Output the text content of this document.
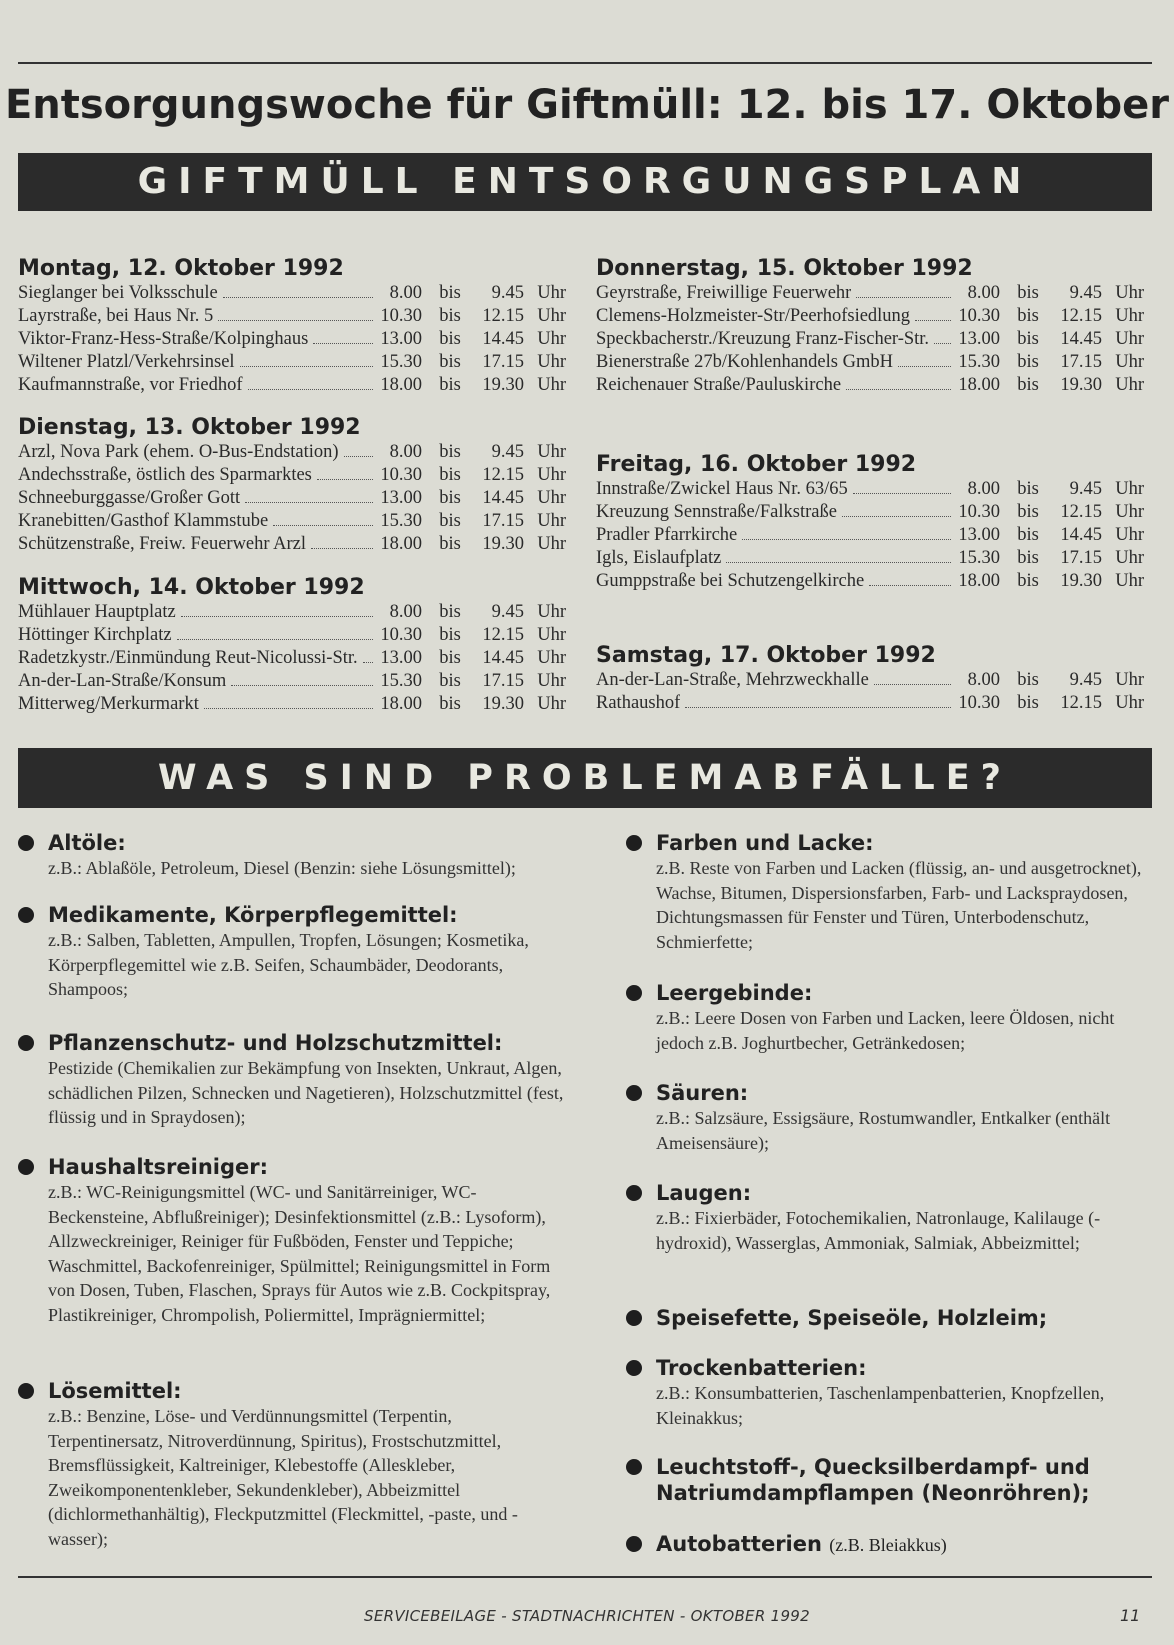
Entsorgungswoche für Giftmüll: 12. bis 17. Oktober
GIFTMÜLL ENTSORGUNGSPLAN
Montag, 12. Oktober 1992
Sieglanger bei Volksschule	8.00 bis	9.45 Uhr
Layrstraße, bei Haus Nr. 5	10.30 bis	12.15 Uhr
Viktor-Franz-Hess-Straße/Kolpinghaus	13.00 bis	14.45 Uhr
Wiltener Platzl/Verkehrsinsel	15.30 bis	17.15 Uhr
Kaufmannstraße, vor Friedhof	18.00 bis	19.30 Uhr
Dienstag, 13. Oktober 1992
Arzl, Nova Park (ehem. O-Bus-Endstation)	8.00 bis	9.45 Uhr
Andechsstraße, östlich des Sparmarktes	10.30 bis	12.15 Uhr
Schneeburggasse/Großer Gott	13.00 bis	14.45 Uhr
Kranebitten/Gasthof Klammstube	15.30 bis	17.15 Uhr
Schützenstraße, Freiw. Feuerwehr Arzl	18.00 bis	19.30 Uhr
Mittwoch, 14. Oktober 1992
Mühlauer Hauptplatz	8.00 bis	9.45 Uhr
Höttinger Kirchplatz	10.30 bis	12.15 Uhr
Radetzkystr./Einmündung Reut-Nicolussi-Str. 13.00 bis	14.45 Uhr
An-der-Lan-Straße/Konsum	15.30 bis	17.15 Uhr
Mitterweg/Merkurmarkt	18.00 bis	19.30 Uhr
Donnerstag, 15. Oktober 1992
Geyrstraße, Freiwillige Feuerwehr	8.00 bis	9.45 Uhr
Clemens-Holzmeister-Str/Peerhofsiedlung	10.30 bis	12.15 Uhr
Speckbacherstr./Kreuzung Franz-Fischer-Str. 13.00 bis	14.45 Uhr
Bienerstraße 27b/Kohlenhandels GmbH	15.30 bis	17.15 Uhr
Reichenauer Straße/Pauluskirche	18.00 bis	19.30 Uhr
Freitag, 16. Oktober 1992
Innstraße/Zwickel Haus Nr. 63/65	8.00 bis	9.45 Uhr
Kreuzung Sennstraße/Falkstraße	10.30 bis	12.15 Uhr
Pradler Pfarrkirche	13.00 bis	14.45 Uhr
Igls, Eislaufplatz	15.30 bis	17.15 Uhr
Gumppstraße bei Schutzengelkirche	18.00 bis	19.30 Uhr
Samstag, 17. Oktober 1992
An-der-Lan-Straße, Mehrzweckhalle	8.00 bis	9.45 Uhr
Rathaushof	10.30 bis	12.15 Uhr
WAS SIND PROBLEMABFÄLLE?
Altöle:
z.B.: Ablaßöle, Petroleum, Diesel (Benzin: siehe Lösungsmittel);
Medikamente, Körperpflegemittel:
z.B.: Salben, Tabletten, Ampullen, Tropfen, Lösungen; Kosmetika, Körperpflegemittel wie z.B. Seifen, Schaumbäder, Deodorants, Shampoos;
Pflanzenschutz- und Holzschutzmittel:
Pestizide (Chemikalien zur Bekämpfung von Insekten, Unkraut, Algen, schädlichen Pilzen, Schnecken und Nagetieren), Holzschutzmittel (fest, flüssig und in Spraydosen);
Haushaltsreiniger:
z.B.: WC-Reinigungsmittel (WC- und Sanitärreiniger, WC-Beckensteine, Abflußreiniger); Desinfektionsmittel (z.B.: Lysoform), Allzweckreiniger, Reiniger für Fußböden, Fenster und Teppiche; Waschmittel, Backofenreiniger, Spülmittel; Reinigungsmittel in Form von Dosen, Tuben, Flaschen, Sprays für Autos wie z.B. Cockpitspray, Plastikreiniger, Chrompolish, Poliermittel, Imprägniermittel;
Lösemittel:
z.B.: Benzine, Löse- und Verdünnungsmittel (Terpentin, Terpentinersatz, Nitroverdünnung, Spiritus), Frostschutzmittel, Bremsflüssigkeit, Kaltreiniger, Klebestoffe (Alleskleber, Zweikomponentenkleber, Sekundenkleber), Abbeizmittel (dichlormethanhältig), Fleckputzmittel (Fleckmittel, -paste, und -wasser);
Farben und Lacke:
z.B. Reste von Farben und Lacken (flüssig, an- und ausgetrocknet), Wachse, Bitumen, Dispersionsfarben, Farb- und Lackspraydosen, Dichtungsmassen für Fenster und Türen, Unterbodenschutz, Schmierfette;
Leergebinde:
z.B.: Leere Dosen von Farben und Lacken, leere Öldosen, nicht jedoch z.B. Joghurtbecher, Getränkedosen;
Säuren:
z.B.: Salzsäure, Essigsäure, Rostumwandler, Entkalker (enthält Ameisensäure);
Laugen:
z.B.: Fixierbäder, Fotochemikalien, Natronlauge, Kalilauge (-hydroxid), Wasserglas, Ammoniak, Salmiak, Abbeizmittel;
Speisefette, Speiseöle, Holzleim;
Trockenbatterien:
z.B.: Konsumbatterien, Taschenlampenbatterien, Knopfzellen, Kleinakkus;
Leuchtstoff-, Quecksilberdampf- und Natriumdampflampen (Neonröhren);
Autobatterien (z.B. Bleiakkus)
SERVICEBEILAGE - STADTNACHRICHTEN - OKTOBER 1992	11
